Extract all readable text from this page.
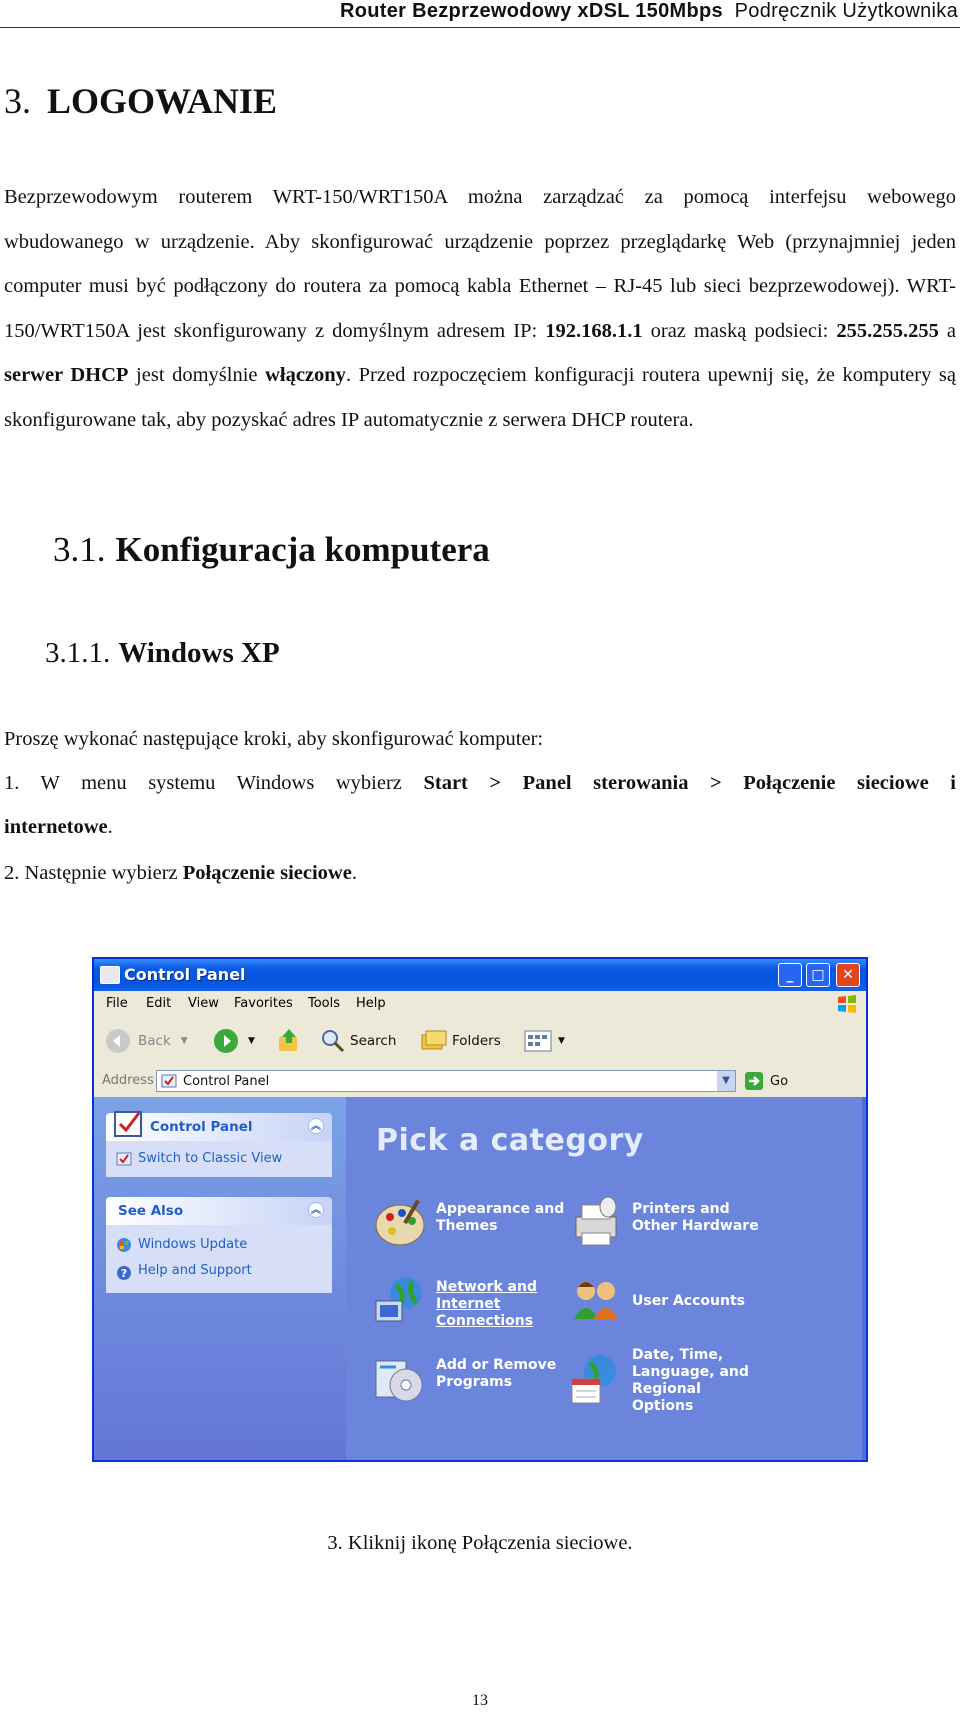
Router Bezprzewodowy xDSL 150Mbps Podręcznik Użytkownika
3. LOGOWANIE

Bezprzewodowym routerem WRT-150/WRT150A można zarządzać za pomocą interfejsu webowego wbudowanego w urządzenie. Aby skonfigurować urządzenie poprzez przeglądarkę Web (przynajmniej jeden computer musi być podłączony do routera za pomocą kabla Ethernet – RJ-45 lub sieci bezprzewodowej). WRT-150/WRT150A jest skonfigurowany z domyślnym adresem IP: 192.168.1.1 oraz maską podsieci: 255.255.255 a serwer DHCP jest domyślnie włączony. Przed rozpoczęciem konfiguracji routera upewnij się, że komputery są skonfigurowane tak, aby pozyskać adres IP automatycznie z serwera DHCP routera.

3.1. Konfiguracja komputera
3.1.1. Windows XP

Proszę wykonać następujące kroki, aby skonfigurować komputer:

1. W menu systemu Windows wybierz Start > Panel sterowania > Połączenie sieciowe i

internetowe.

2. Następnie wybierz Połączenie sieciowe.

Control Panel	_	□	✕
File Edit View Favorites Tools Help
Back ▼	▼	Search	Folders	▼
Address Control Panel	▼	Go
Control Panel	︽
Switch to Classic View
See Also	︽
Windows Update
? Help and Support
Pick a category
Appearance and
Themes
Printers and
Other Hardware
Network and
Internet
Connections
User Accounts
Add or Remove
Programs
Date, Time,
Language, and
Regional
Options
3. Kliknij ikonę Połączenia sieciowe.
13
